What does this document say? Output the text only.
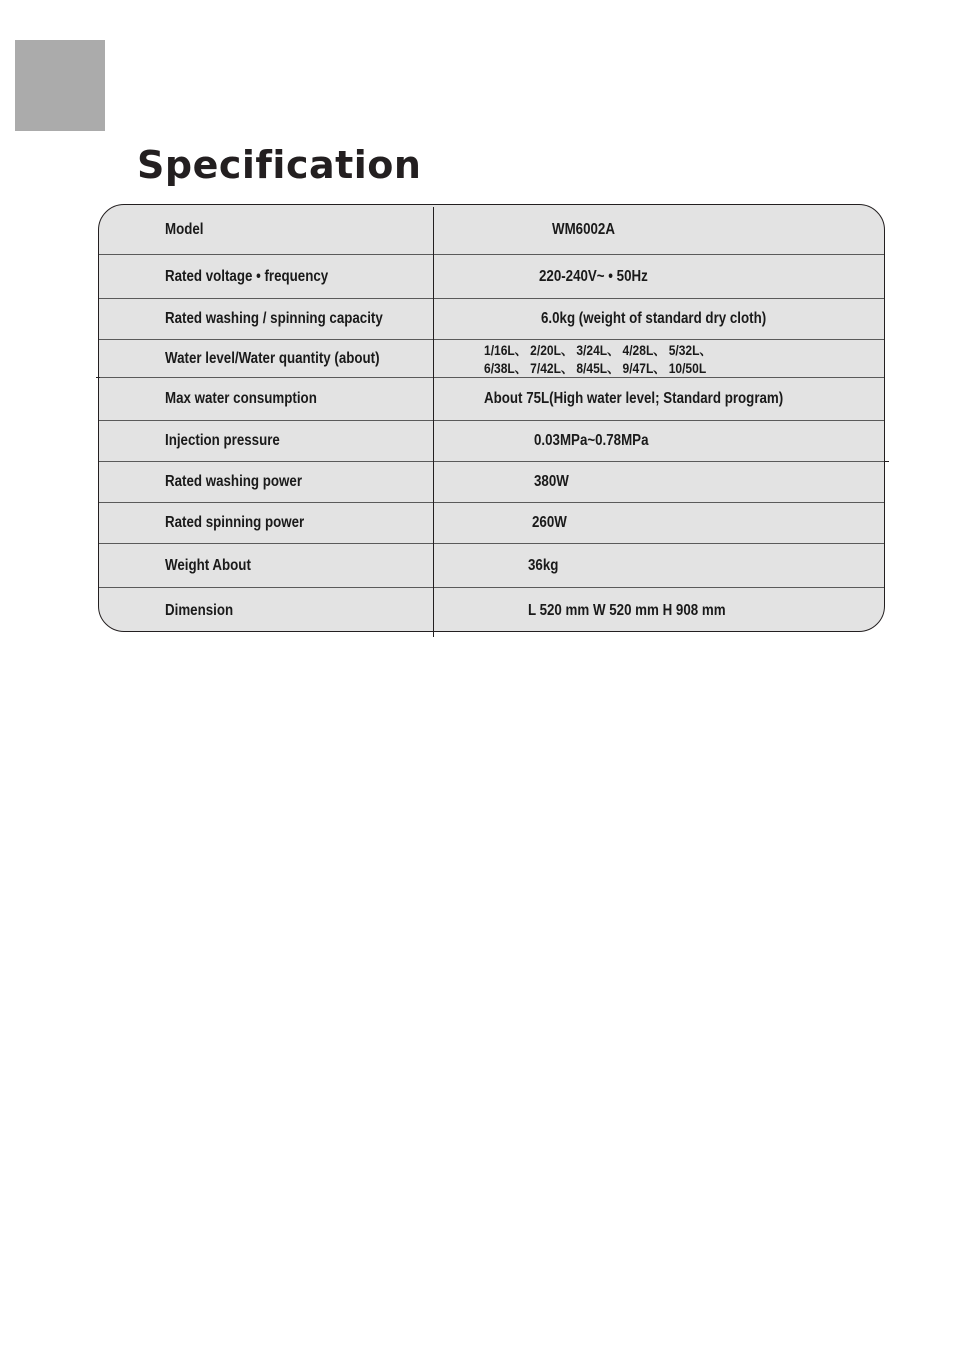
Specification
Model	WM6002A
Rated voltage • frequency	220-240V~ • 50Hz
Rated washing / spinning capacity	6.0kg (weight of standard dry cloth)
Water level/Water quantity (about)	1/16L、 2/20L、 3/24L、 4/28L、 5/32L、
6/38L、 7/42L、 8/45L、 9/47L、 10/50L
Max water consumption	About 75L(High water level; Standard program)
Injection pressure	0.03MPa~0.78MPa
Rated washing power	380W
Rated spinning power	260W
Weight About	36kg
Dimension	L 520 mm W 520 mm H 908 mm
